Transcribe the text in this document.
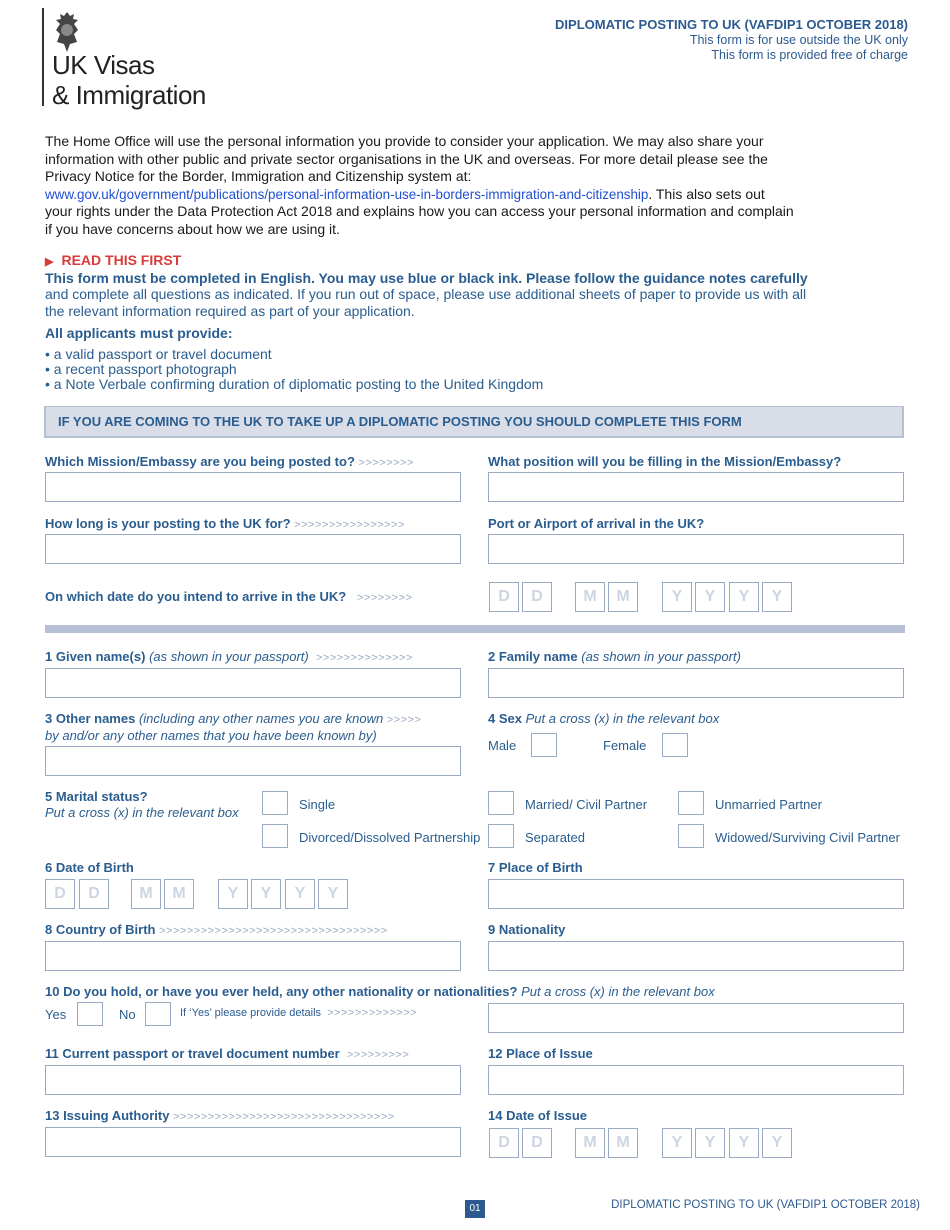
UK Visas
& Immigration
DIPLOMATIC POSTING TO UK (VAFDIP1 OCTOBER 2018)
This form is for use outside the UK only
This form is provided free of charge
The Home Office will use the personal information you provide to consider your application. We may also share your
information with other public and private sector organisations in the UK and overseas. For more detail please see the
Privacy Notice for the Border, Immigration and Citizenship system at:
www.gov.uk/government/publications/personal-information-use-in-borders-immigration-and-citizenship. This also sets out
your rights under the Data Protection Act 2018 and explains how you can access your personal information and complain
if you have concerns about how we are using it.
▶ READ THIS FIRST
This form must be completed in English. You may use blue or black ink. Please follow the guidance notes carefully
and complete all questions as indicated. If you run out of space, please use additional sheets of paper to provide us with all
the relevant information required as part of your application.
All applicants must provide:
• a valid passport or travel document
• a recent passport photograph
• a Note Verbale confirming duration of diplomatic posting to the United Kingdom
IF YOU ARE COMING TO THE UK TO TAKE UP A DIPLOMATIC POSTING YOU SHOULD COMPLETE THIS FORM
Which Mission/Embassy are you being posted to? >>>>>>>>	What position will you be filling in the Mission/Embassy?
How long is your posting to the UK for? >>>>>>>>>>>>>>>>	Port or Airport of arrival in the UK?
On which date do you intend to arrive in the UK? >>>>>>>>	D	D	M	M	Y	Y	Y	Y
1 Given name(s) (as shown in your passport) >>>>>>>>>>>>>>	2 Family name (as shown in your passport)
3 Other names (including any other names you are known >>>>>
by and/or any other names that you have been known by)
4 Sex Put a cross (x) in the relevant box
Male	Female
5 Marital status?
Put a cross (x) in the relevant box
Single	Married/ Civil Partner	Unmarried Partner
Divorced/Dissolved Partnership	Separated	Widowed/Surviving Civil Partner
6 Date of Birth
D	D	M	M	Y	Y	Y	Y
7 Place of Birth
8 Country of Birth >>>>>>>>>>>>>>>>>>>>>>>>>>>>>>>>>	9 Nationality
10 Do you hold, or have you ever held, any other nationality or nationalities? Put a cross (x) in the relevant box
Yes	No	If ‘Yes’ please provide details >>>>>>>>>>>>>
11 Current passport or travel document number >>>>>>>>>	12 Place of Issue
13 Issuing Authority >>>>>>>>>>>>>>>>>>>>>>>>>>>>>>>>	14 Date of Issue
D	D	M	M	Y	Y	Y	Y
01	DIPLOMATIC POSTING TO UK (VAFDIP1 OCTOBER 2018)
